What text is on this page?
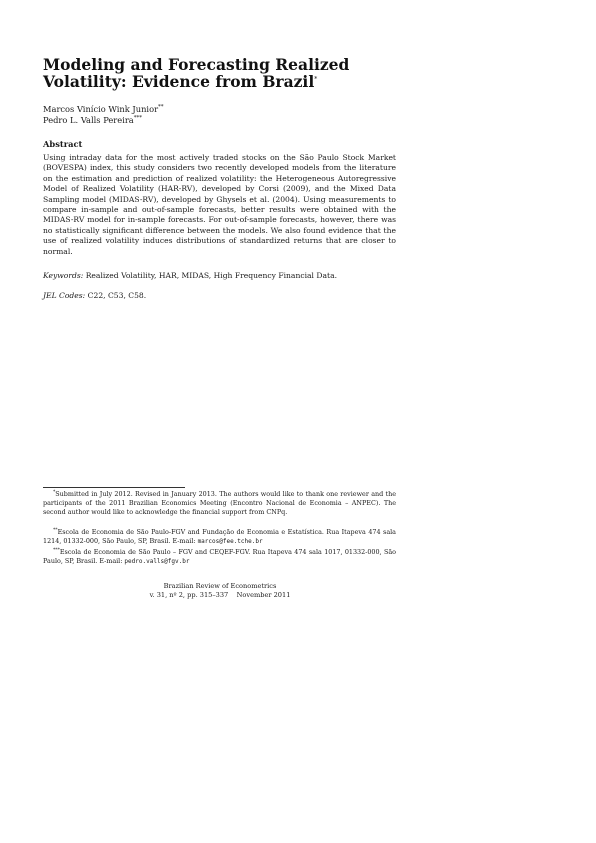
Modeling and Forecasting Realized
Volatility: Evidence from Brazil*
Marcos Vinício Wink Junior**
Pedro L. Valls Pereira***
Abstract

Using intraday data for the most actively traded stocks on the São Paulo Stock Market (BOVESPA) index, this study considers two recently developed models from the literature on the estimation and prediction of realized volatility: the Heterogeneous Autoregressive Model of Realized Volatility (HAR-RV), developed by Corsi (2009), and the Mixed Data Sampling model (MIDAS-RV), developed by Ghysels et al. (2004). Using measurements to compare in-sample and out-of-sample forecasts, better results were obtained with the MIDAS-RV model for in-sample forecasts. For out-of-sample forecasts, however, there was no statistically significant difference between the models. We also found evidence that the use of realized volatility induces distributions of standardized returns that are closer to normal.

Keywords: Realized Volatility, HAR, MIDAS, High Frequency Financial Data.
JEL Codes: C22, C53, C58.

*Submitted in July 2012. Revised in January 2013. The authors would like to thank one reviewer and the participants of the 2011 Brazilian Economics Meeting (Encontro Nacional de Economia – ANPEC). The second author would like to acknowledge the financial support from CNPq.

**Escola de Economia de São Paulo-FGV and Fundação de Economia e Estatística. Rua Itapeva 474 sala 1214, 01332-000, São Paulo, SP, Brasil. E-mail: marcos@fee.tche.br

***Escola de Economia de São Paulo – FGV and CEQEF-FGV. Rua Itapeva 474 sala 1017, 01332-000, São Paulo, SP, Brasil. E-mail: pedro.valls@fgv.br

Brazilian Review of Econometrics
v. 31, nº 2, pp. 315–337 November 2011
